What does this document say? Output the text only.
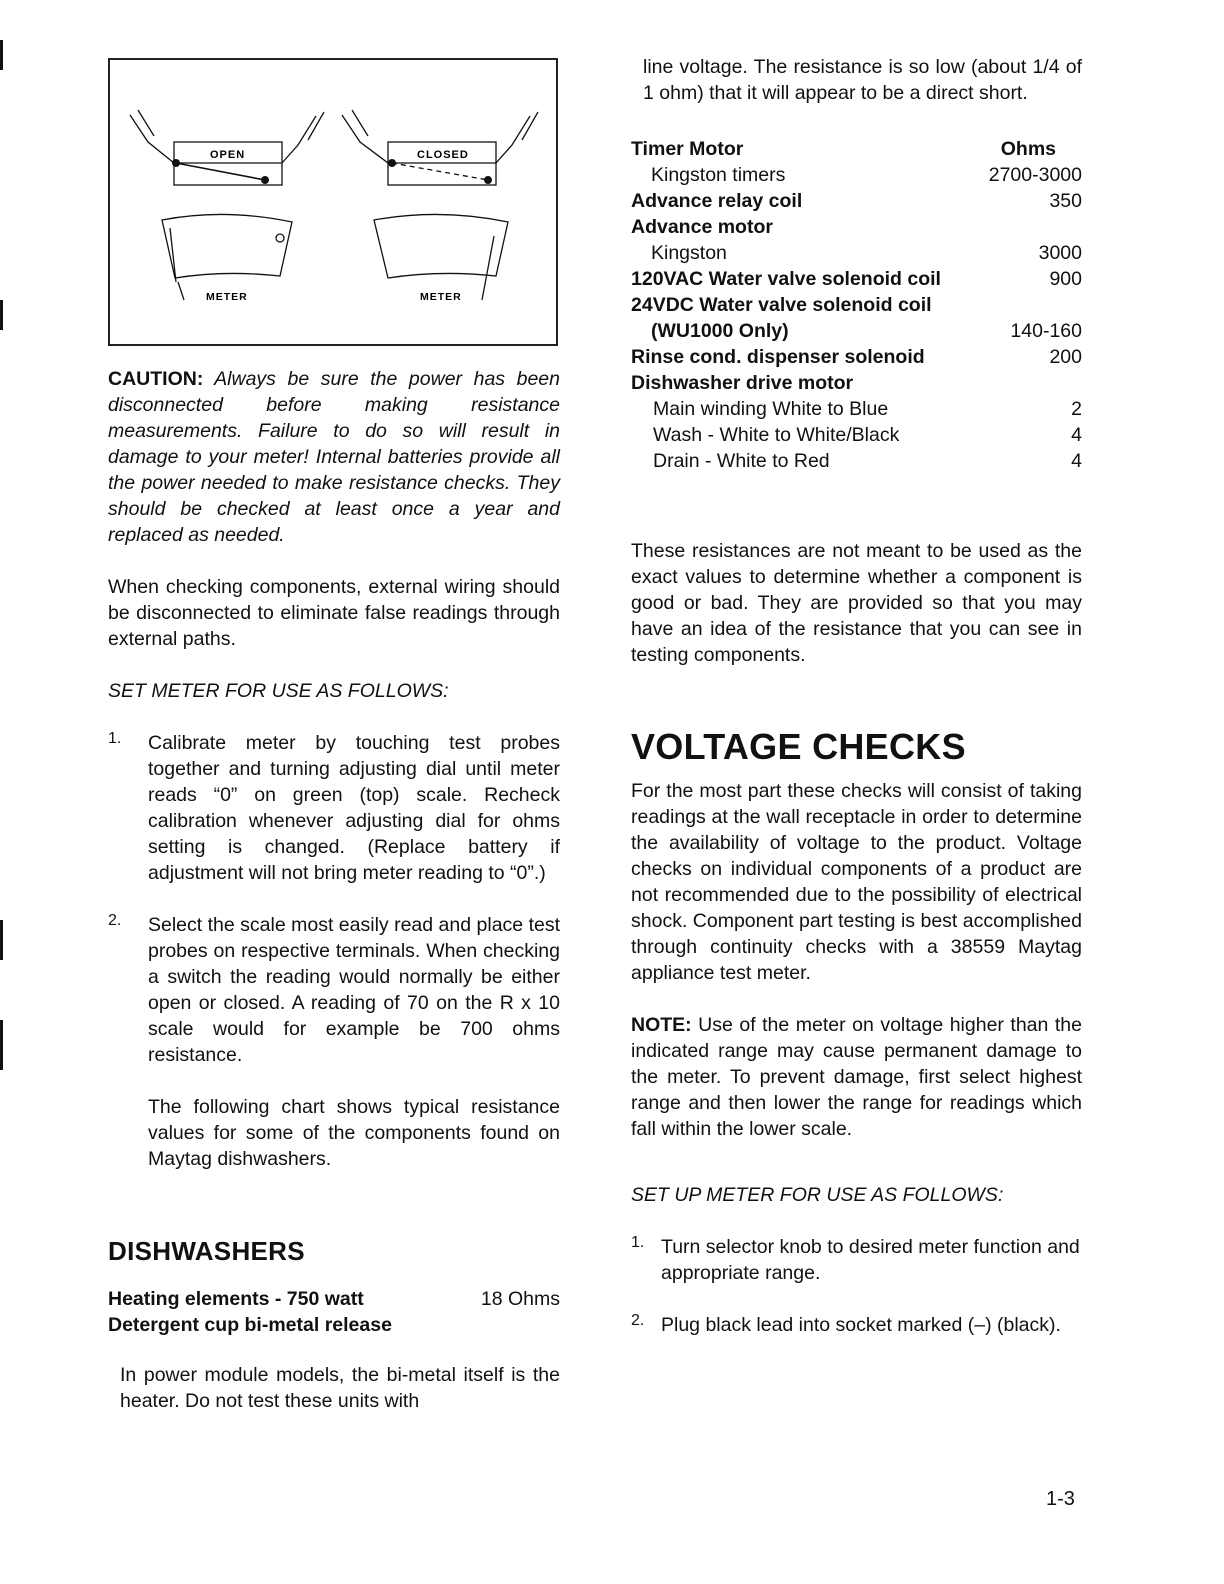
OPEN	CLOSED
METER	METER

CAUTION: Always be sure the power has been disconnected before making resistance measurements. Failure to do so will result in damage to your meter! Internal batteries provide all the power needed to make resistance checks. They should be checked at least once a year and replaced as needed.

When checking components, external wiring should be disconnected to eliminate false readings through external paths.

SET METER FOR USE AS FOLLOWS:

1. Calibrate meter by touching test probes together and turning adjusting dial until meter reads “0” on green (top) scale. Recheck calibration whenever adjusting dial for ohms setting is changed. (Replace battery if adjustment will not bring meter reading to “0”.)

2. Select the scale most easily read and place test probes on respective terminals. When checking a switch the reading would normally be either open or closed. A reading of 70 on the R x 10 scale would for example be 700 ohms resistance.

The following chart shows typical resistance values for some of the components found on Maytag dishwashers.

DISHWASHERS

Heating elements - 750 watt	18 Ohms
Detergent cup bi-metal release

In power module models, the bi-metal itself is the heater. Do not test these units with

line voltage. The resistance is so low (about 1/4 of 1 ohm) that it will appear to be a direct short.

Timer Motor	Ohms
Kingston timers	2700-3000
Advance relay coil	350
Advance motor
Kingston	3000
120VAC Water valve solenoid coil	900
24VDC Water valve solenoid coil
(WU1000 Only)	140-160
Rinse cond. dispenser solenoid	200
Dishwasher drive motor
Main winding White to Blue	2
Wash - White to White/Black	4
Drain - White to Red	4

These resistances are not meant to be used as the exact values to determine whether a component is good or bad. They are provided so that you may have an idea of the resistance that you can see in testing components.

VOLTAGE CHECKS

For the most part these checks will consist of taking readings at the wall receptacle in order to determine the availability of voltage to the product. Voltage checks on individual components of a product are not recommended due to the possibility of electrical shock. Component part testing is best accomplished through continuity checks with a 38559 Maytag appliance test meter.

NOTE: Use of the meter on voltage higher than the indicated range may cause permanent damage to the meter. To prevent damage, first select highest range and then lower the range for readings which fall within the lower scale.

SET UP METER FOR USE AS FOLLOWS:

1. Turn selector knob to desired meter function and appropriate range.

2. Plug black lead into socket marked (–) (black).

1-3
